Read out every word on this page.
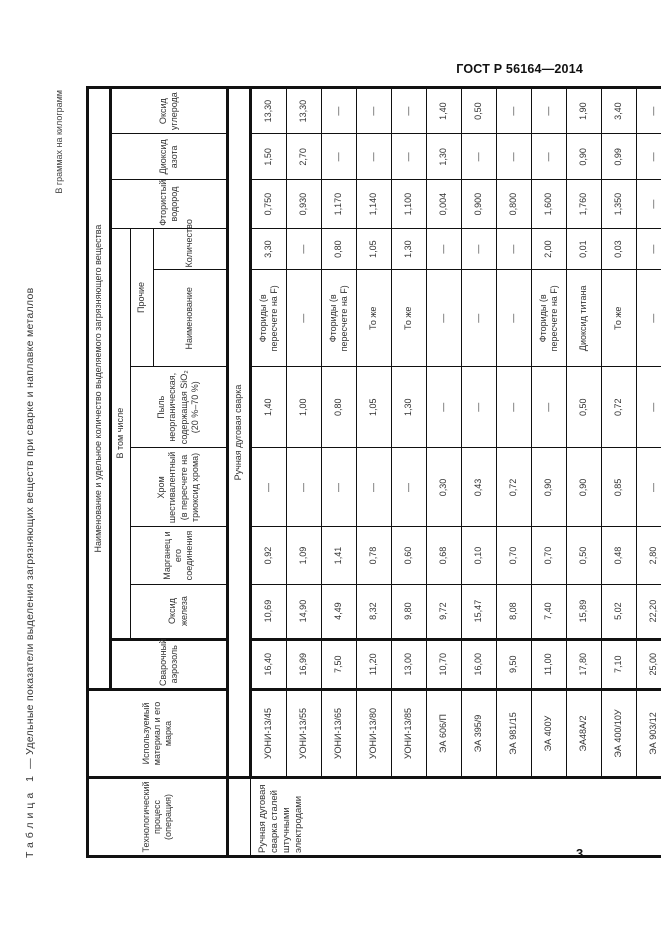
ГОСТ Р 56164—2014
3
Таблица 1 — Удельные показатели выделения загрязняющих веществ при сварке и наплавке металлов
В граммах на килограмм
Технологический процесс (операция)	Используемый материал и его марка	Наименование и удельное количество выделяемого загрязняющего вещества									
		Сварочный аэрозоль	В том числе						Фтористый водород	Диоксид азота	Оксид углерода
			Оксид железа	Марганец и его соединения	Хром шестивалентный (в пересчете на триоксид хрома)	Пыль неорганическая, содержащая SiO₂ (20 %–70 %)	Прочие				
							Наименование	Количество			
	Ручная дуговая сварка										
Ручная дуговая сварка сталей штучными электродами	УОНИ-13/45	16,40	10,69	0,92	—	1,40	Фториды (в пересчете на F)	3,30	0,750	1,50	13,30
	УОНИ-13/55	16,99	14,90	1,09	—	1,00	—	—	0,930	2,70	13,30
	УОНИ-13/65	7,50	4,49	1,41	—	0,80	Фториды (в пересчете на F)	0,80	1,170	—	—
	УОНИ-13/80	11,20	8,32	0,78	—	1,05	То же	1,05	1,140	—	—
	УОНИ-13/85	13,00	9,80	0,60	—	1,30	То же	1,30	1,100	—	—
	ЭА 606/П	10,70	9,72	0,68	0,30	—	—	—	0,004	1,30	1,40
	ЭА 395/9	16,00	15,47	0,10	0,43	—	—	—	0,900	—	0,50
	ЭА 981/15	9,50	8,08	0,70	0,72	—	—	—	0,800	—	—
	ЭА 400У	11,00	7,40	0,70	0,90	—	Фториды (в пересчете на F)	2,00	1,600	—	—
	ЭА48А/2	17,80	15,89	0,50	0,90	0,50	Диоксид титана	0,01	1,760	0,90	1,90
	ЭА 400/10У	7,10	5,02	0,48	0,85	0,72	То же	0,03	1,350	0,99	3,40
	ЭА 903/12	25,00	22,20	2,80	—	—	—	—	—	—	—
